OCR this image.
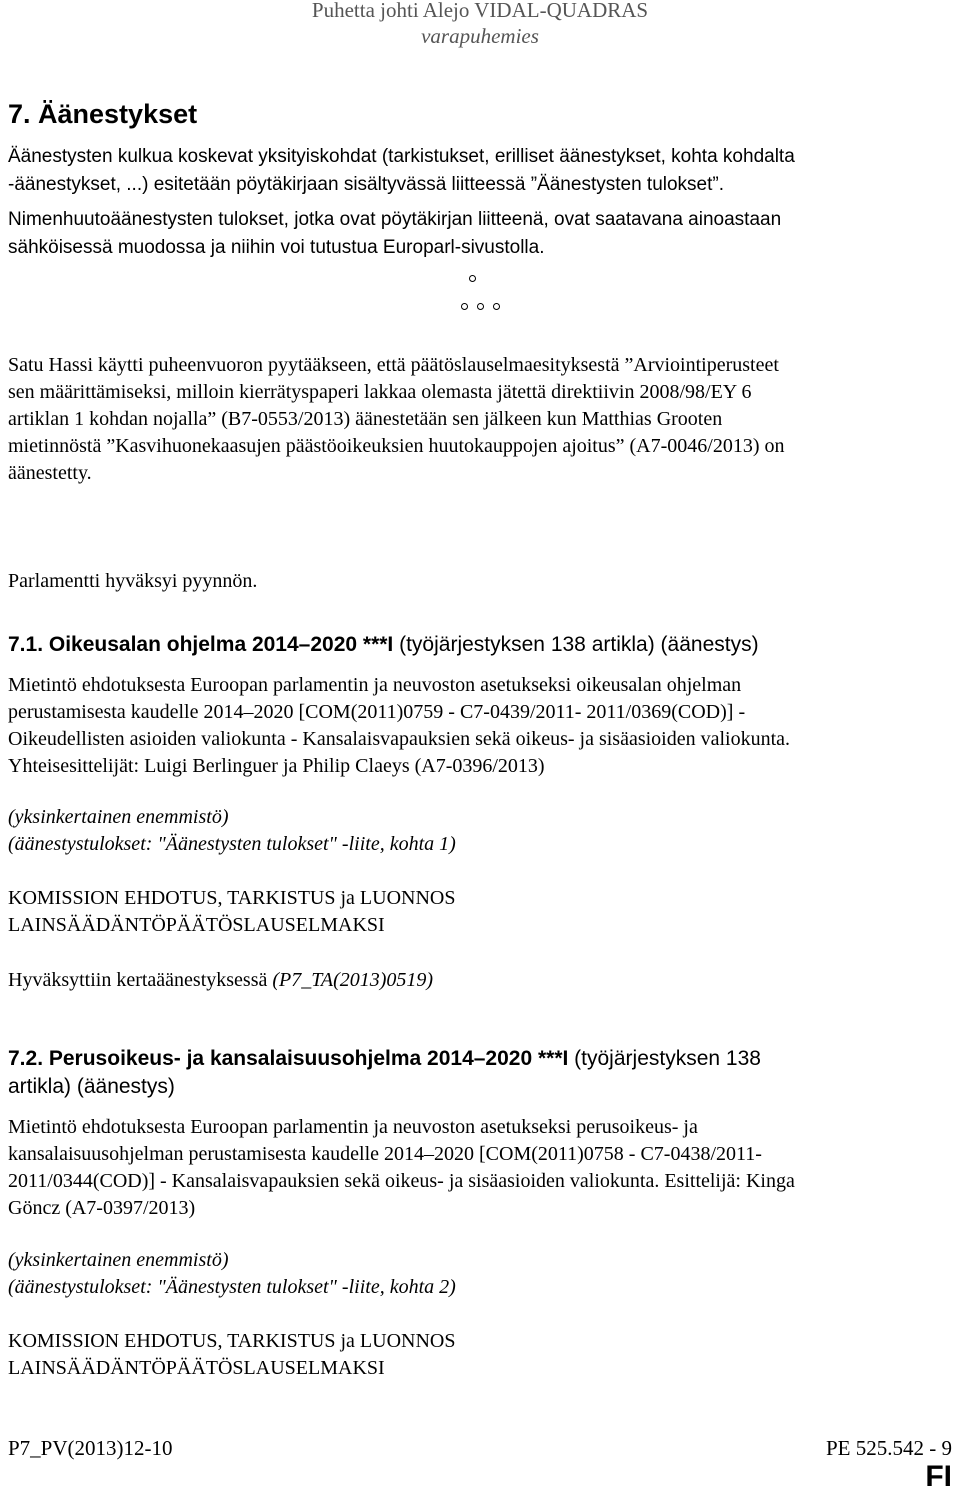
Puhetta johti Alejo VIDAL-QUADRAS
varapuhemies
7. Äänestykset
Äänestysten kulkua koskevat yksityiskohdat (tarkistukset, erilliset äänestykset, kohta kohdalta
-äänestykset, ...) esitetään pöytäkirjaan sisältyvässä liitteessä ”Äänestysten tulokset”.
Nimenhuutoäänestysten tulokset, jotka ovat pöytäkirjan liitteenä, ovat saatavana ainoastaan
sähköisessä muodossa ja niihin voi tutustua Europarl-sivustolla.
Satu Hassi käytti puheenvuoron pyytääkseen, että päätöslauselmaesityksestä ”Arviointiperusteet
sen määrittämiseksi, milloin kierrätyspaperi lakkaa olemasta jätettä direktiivin 2008/98/EY 6
artiklan 1 kohdan nojalla” (B7-0553/2013) äänestetään sen jälkeen kun Matthias Grooten
mietinnöstä ”Kasvihuonekaasujen päästöoikeuksien huutokauppojen ajoitus” (A7-0046/2013) on
äänestetty.
Parlamentti hyväksyi pyynnön.
7.1. Oikeusalan ohjelma 2014–2020 ***I (työjärjestyksen 138 artikla) (äänestys)
Mietintö ehdotuksesta Euroopan parlamentin ja neuvoston asetukseksi oikeusalan ohjelman
perustamisesta kaudelle 2014–2020 [COM(2011)0759 - C7-0439/2011- 2011/0369(COD)] -
Oikeudellisten asioiden valiokunta - Kansalaisvapauksien sekä oikeus- ja sisäasioiden valiokunta.
Yhteisesittelijät: Luigi Berlinguer ja Philip Claeys (A7-0396/2013)
(yksinkertainen enemmistö)
(äänestystulokset: "Äänestysten tulokset" -liite, kohta 1)
KOMISSION EHDOTUS, TARKISTUS ja LUONNOS
LAINSÄÄDÄNTÖPÄÄTÖSLAUSELMAKSI
Hyväksyttiin kertaäänestyksessä (P7_TA(2013)0519)
7.2. Perusoikeus- ja kansalaisuusohjelma 2014–2020 ***I (työjärjestyksen 138
artikla) (äänestys)
Mietintö ehdotuksesta Euroopan parlamentin ja neuvoston asetukseksi perusoikeus- ja
kansalaisuusohjelman perustamisesta kaudelle 2014–2020 [COM(2011)0758 - C7-0438/2011-
2011/0344(COD)] - Kansalaisvapauksien sekä oikeus- ja sisäasioiden valiokunta. Esittelijä: Kinga
Göncz (A7-0397/2013)
(yksinkertainen enemmistö)
(äänestystulokset: "Äänestysten tulokset" -liite, kohta 2)
KOMISSION EHDOTUS, TARKISTUS ja LUONNOS
LAINSÄÄDÄNTÖPÄÄTÖSLAUSELMAKSI
P7_PV(2013)12-10	PE 525.542 - 9
FI
